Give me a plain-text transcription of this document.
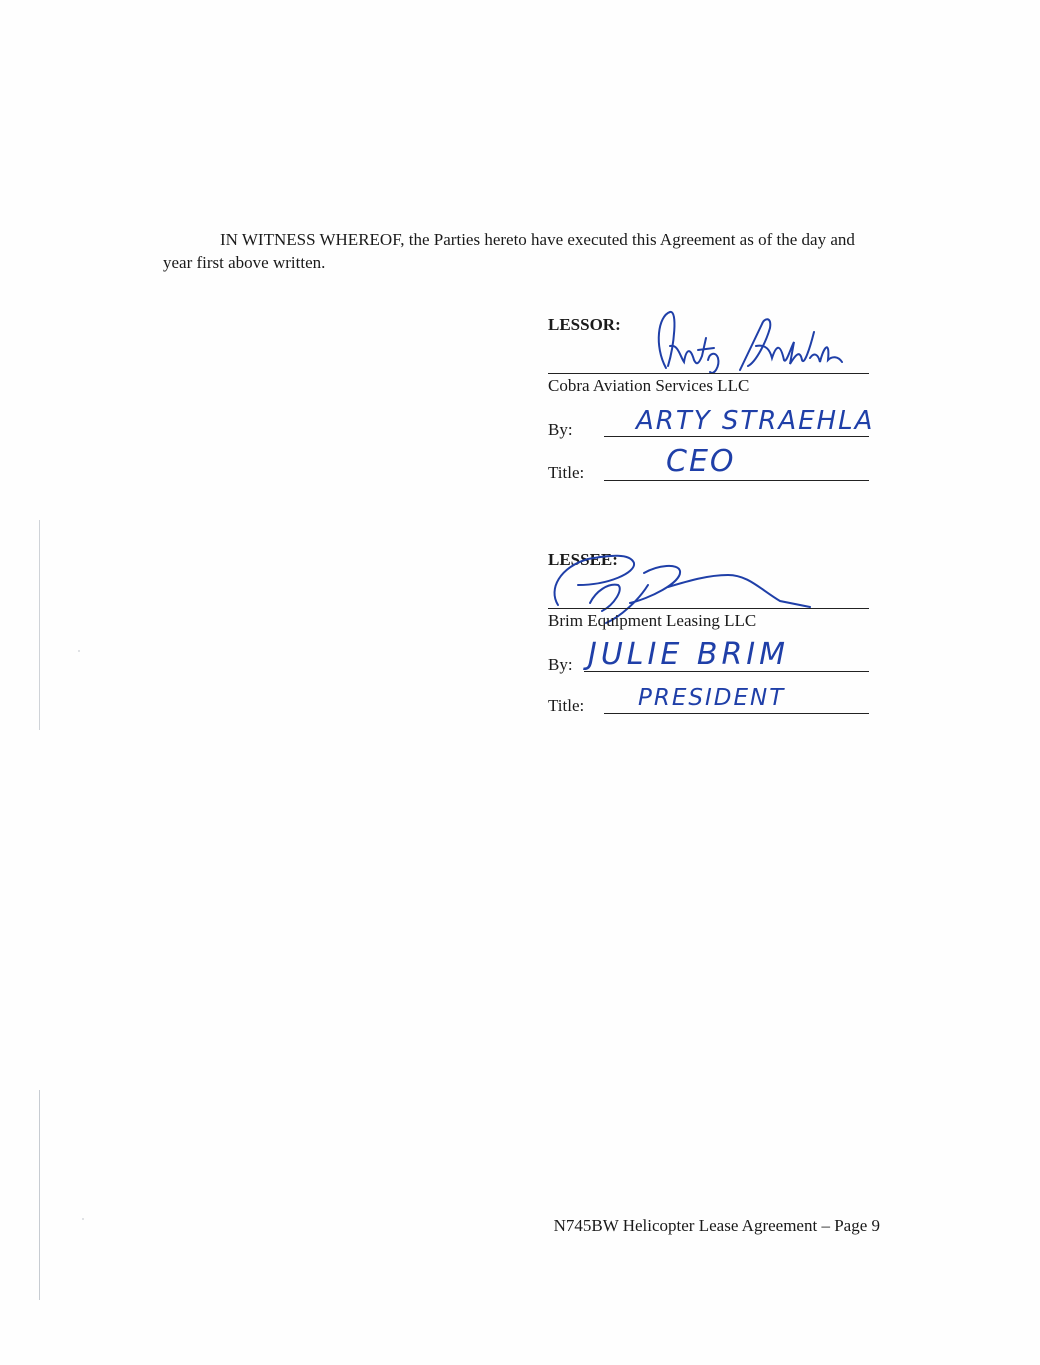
IN WITNESS WHEREOF, the Parties hereto have executed this Agreement as of the day and year first above written.

LESSOR:
Cobra Aviation Services LLC
By: ARTY STRAEHLA
Title:	CEO
LESSEE:
Brim Equipment Leasing LLC
By: JULIE BRIM
Title: PRESIDENT
N745BW Helicopter Lease Agreement – Page 9
